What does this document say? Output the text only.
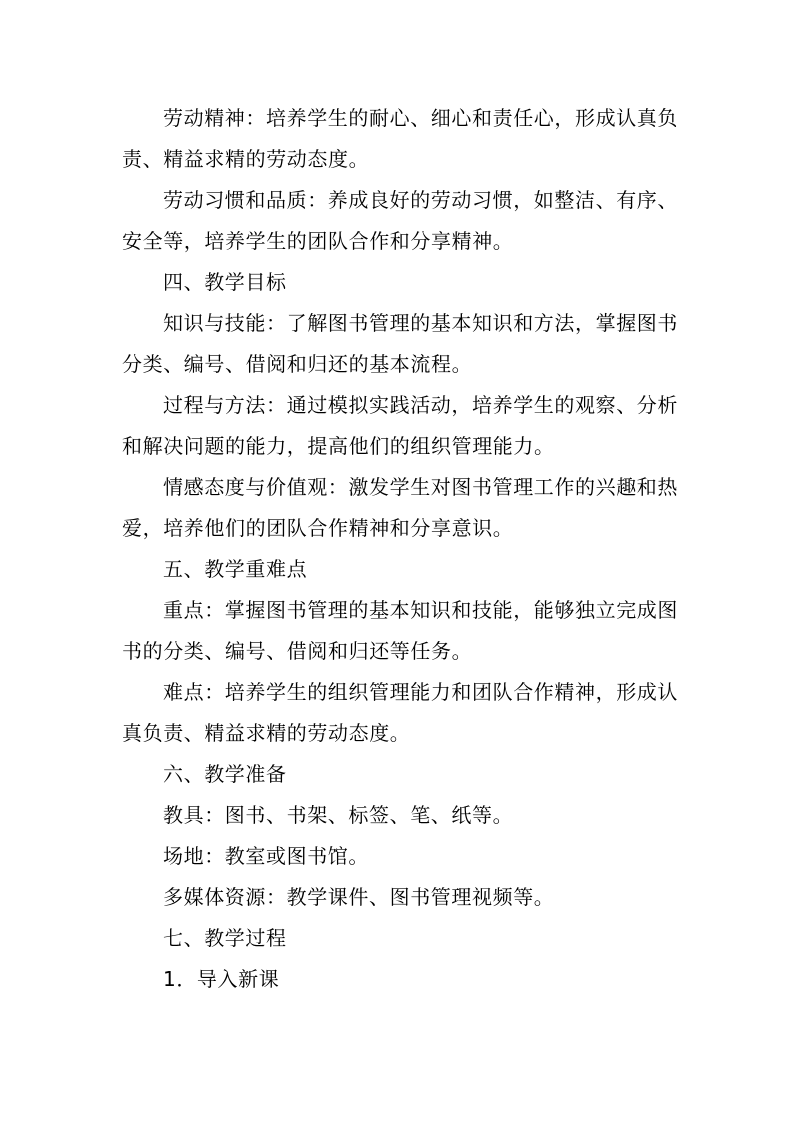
劳动精神：培养学生的耐心、细心和责任心，形成认真负责、精益求精的劳动态度。

劳动习惯和品质：养成良好的劳动习惯，如整洁、有序、安全等，培养学生的团队合作和分享精神。

四、教学目标

知识与技能：了解图书管理的基本知识和方法，掌握图书分类、编号、借阅和归还的基本流程。

过程与方法：通过模拟实践活动，培养学生的观察、分析和解决问题的能力，提高他们的组织管理能力。

情感态度与价值观：激发学生对图书管理工作的兴趣和热爱，培养他们的团队合作精神和分享意识。

五、教学重难点

重点：掌握图书管理的基本知识和技能，能够独立完成图书的分类、编号、借阅和归还等任务。

难点：培养学生的组织管理能力和团队合作精神，形成认真负责、精益求精的劳动态度。

六、教学准备

教具：图书、书架、标签、笔、纸等。

场地：教室或图书馆。

多媒体资源：教学课件、图书管理视频等。

七、教学过程

1．导入新课
